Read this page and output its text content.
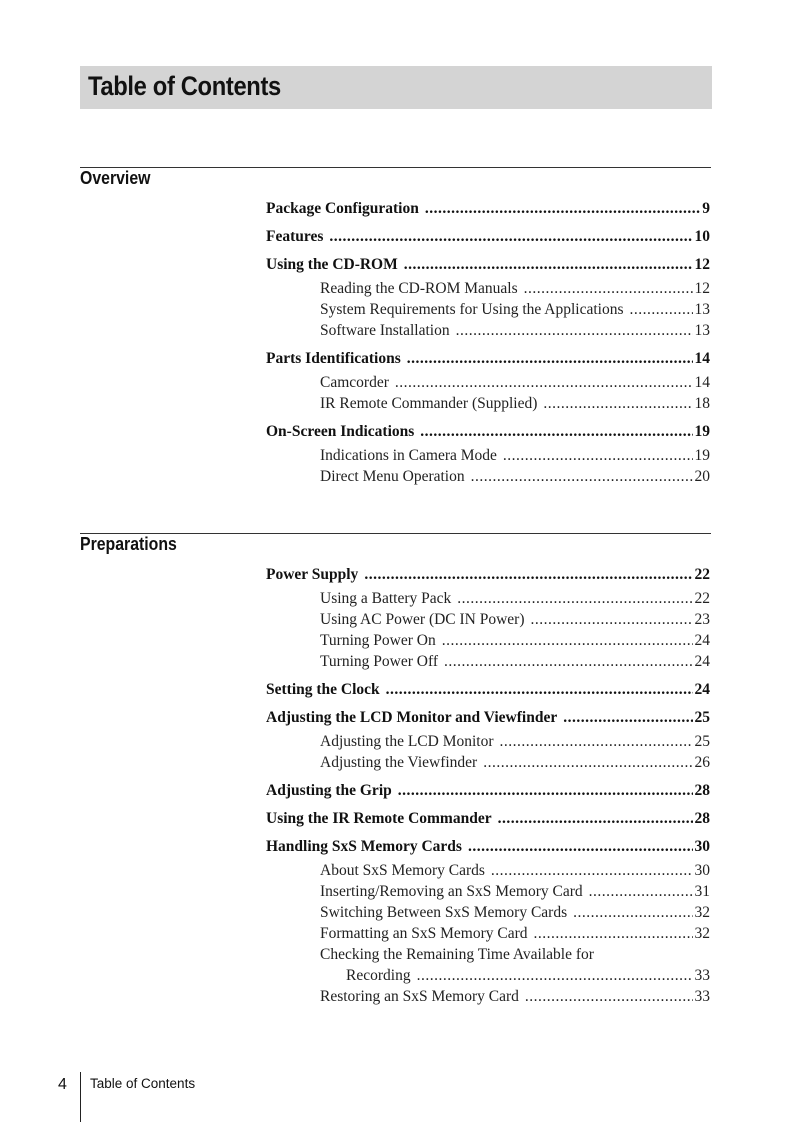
Table of Contents
Overview
Package Configuration .....	9
Features .....	10
Using the CD-ROM .....	12
Reading the CD-ROM Manuals .....	12
System Requirements for Using the Applications .....	13
Software Installation .....	13
Parts Identifications .....	14
Camcorder .....	14
IR Remote Commander (Supplied) .....	18
On-Screen Indications .....	19
Indications in Camera Mode .....	19
Direct Menu Operation .....	20
Preparations
Power Supply .....	22
Using a Battery Pack .....	22
Using AC Power (DC IN Power) .....	23
Turning Power On .....	24
Turning Power Off .....	24
Setting the Clock .....	24
Adjusting the LCD Monitor and Viewfinder .....	25
Adjusting the LCD Monitor .....	25
Adjusting the Viewfinder .....	26
Adjusting the Grip .....	28
Using the IR Remote Commander .....	28
Handling SxS Memory Cards .....	30
About SxS Memory Cards .....	30
Inserting/Removing an SxS Memory Card .....	31
Switching Between SxS Memory Cards .....	32
Formatting an SxS Memory Card .....	32
Checking the Remaining Time Available for
Recording .....	33
Restoring an SxS Memory Card .....	33
4 Table of Contents
